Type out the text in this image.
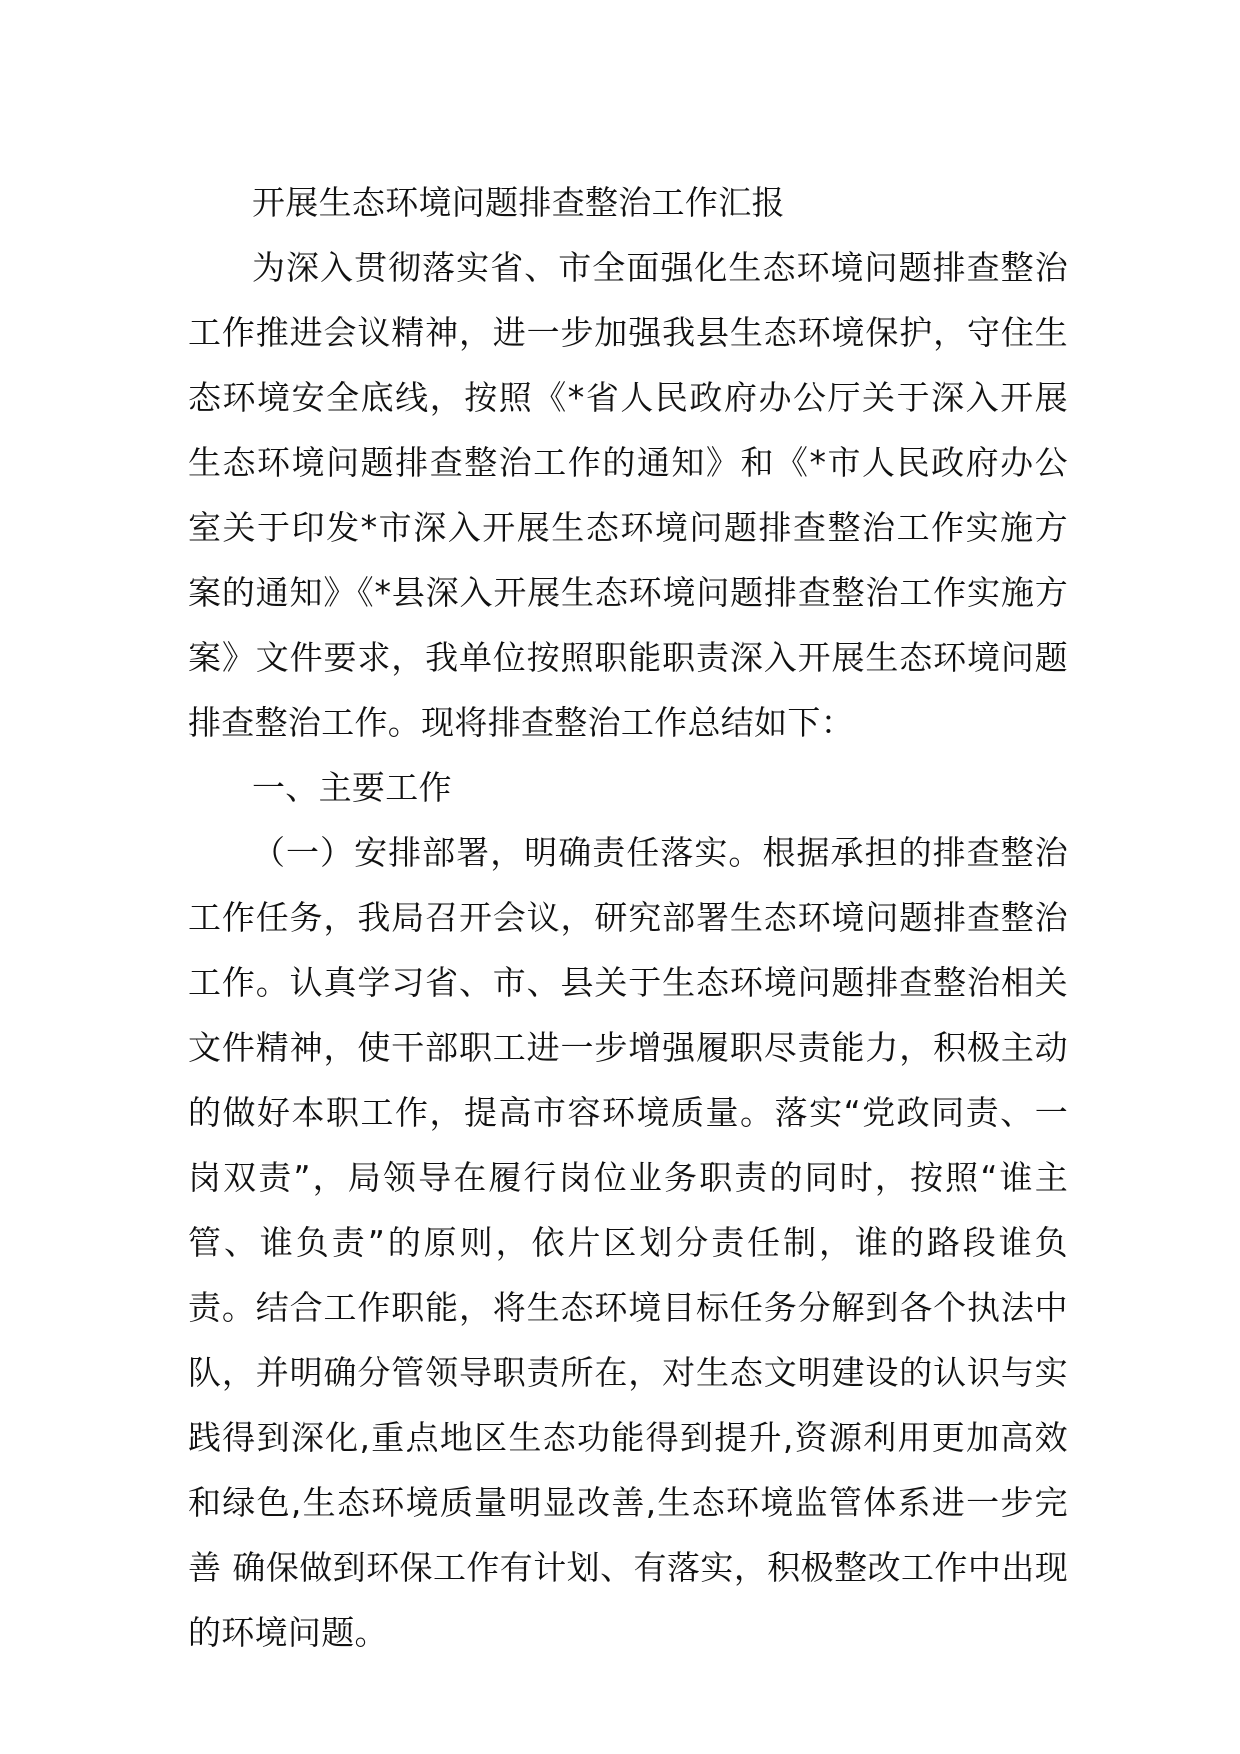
开展生态环境问题排查整治工作汇报

为深入贯彻落实省、市全面强化生态环境问题排查整治工作推进会议精神，进一步加强我县生态环境保护，守住生态环境安全底线，按照《*省人民政府办公厅关于深入开展生态环境问题排查整治工作的通知》和《*市人民政府办公室关于印发*市深入开展生态环境问题排查整治工作实施方案的通知》《*县深入开展生态环境问题排查整治工作实施方案》文件要求，我单位按照职能职责深入开展生态环境问题排查整治工作。现将排查整治工作总结如下：

一、主要工作

（一）安排部署，明确责任落实。根据承担的排查整治工作任务，我局召开会议，研究部署生态环境问题排查整治工作。认真学习省、市、县关于生态环境问题排查整治相关文件精神，使干部职工进一步增强履职尽责能力，积极主动的做好本职工作，提高市容环境质量。落实“党政同责、一岗双责”，局领导在履行岗位业务职责的同时，按照“谁主管、谁负责”的原则，依片区划分责任制，谁的路段谁负责。结合工作职能，将生态环境目标任务分解到各个执法中队，并明确分管领导职责所在，对生态文明建设的认识与实践得到深化,重点地区生态功能得到提升,资源利用更加高效和绿色,生态环境质量明显改善,生态环境监管体系进一步完善 确保做到环保工作有计划、有落实，积极整改工作中出现的环境问题。
